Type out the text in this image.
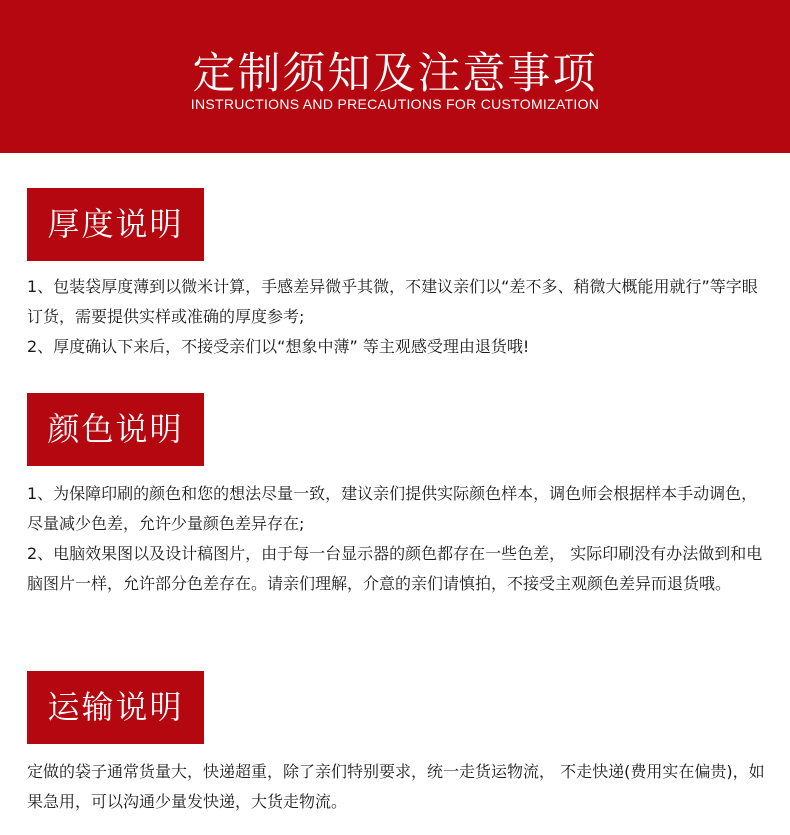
定制须知及注意事项
INSTRUCTIONS AND PRECAUTIONS FOR CUSTOMIZATION
厚度说明
1、包装袋厚度薄到以微米计算，手感差异微乎其微，不建议亲们以“差不多、稍微大概能用就行”等字眼订货，需要提供实样或准确的厚度参考;
2、厚度确认下来后，不接受亲们以“想象中薄” 等主观感受理由退货哦!
颜色说明
1、为保障印刷的颜色和您的想法尽量一致，建议亲们提供实际颜色样本，调色师会根据样本手动调色，尽量减少色差，允许少量颜色差异存在;
2、电脑效果图以及设计稿图片，由于每一台显示器的颜色都存在一些色差， 实际印刷没有办法做到和电脑图片一样，允许部分色差存在。请亲们理解，介意的亲们请慎拍，不接受主观颜色差异而退货哦。
运输说明
定做的袋子通常货量大，快递超重，除了亲们特别要求，统一走货运物流， 不走快递(费用实在偏贵)，如果急用，可以沟通少量发快递，大货走物流。
